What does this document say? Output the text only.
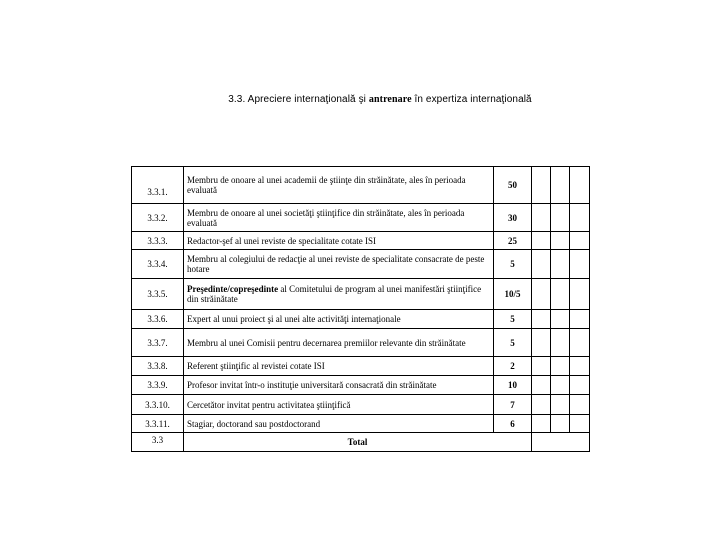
3.3. Apreciere internaţională şi antrenare în expertiza internaţională
3.3.1.	Membru de onoare al unei academii de ştiinţe din străinătate, ales în perioada evaluată	50			
3.3.2.	Membru de onoare al unei societăţi ştiinţifice din străinătate, ales în perioada evaluată	30			
3.3.3.	Redactor-şef al unei reviste de specialitate cotate ISI	25			
3.3.4.	Membru al colegiului de redacţie al unei reviste de specialitate consacrate de peste hotare	5			
3.3.5.	Preşedinte/copreşedinte al Comitetului de program al unei manifestări ştiinţifice din străinătate	10/5			
3.3.6.	Expert al unui proiect şi al unei alte activităţi internaţionale	5			
3.3.7.	Membru al unei Comisii pentru decernarea premiilor relevante din străinătate	5			
3.3.8.	Referent ştiinţific al revistei cotate ISI	2			
3.3.9.	Profesor invitat într-o instituţie universitară consacrată din străinătate	10			
3.3.10.	Cercetător invitat pentru activitatea ştiinţifică	7			
3.3.11.	Stagiar, doctorand sau postdoctorand	6			
3.3	Total				
